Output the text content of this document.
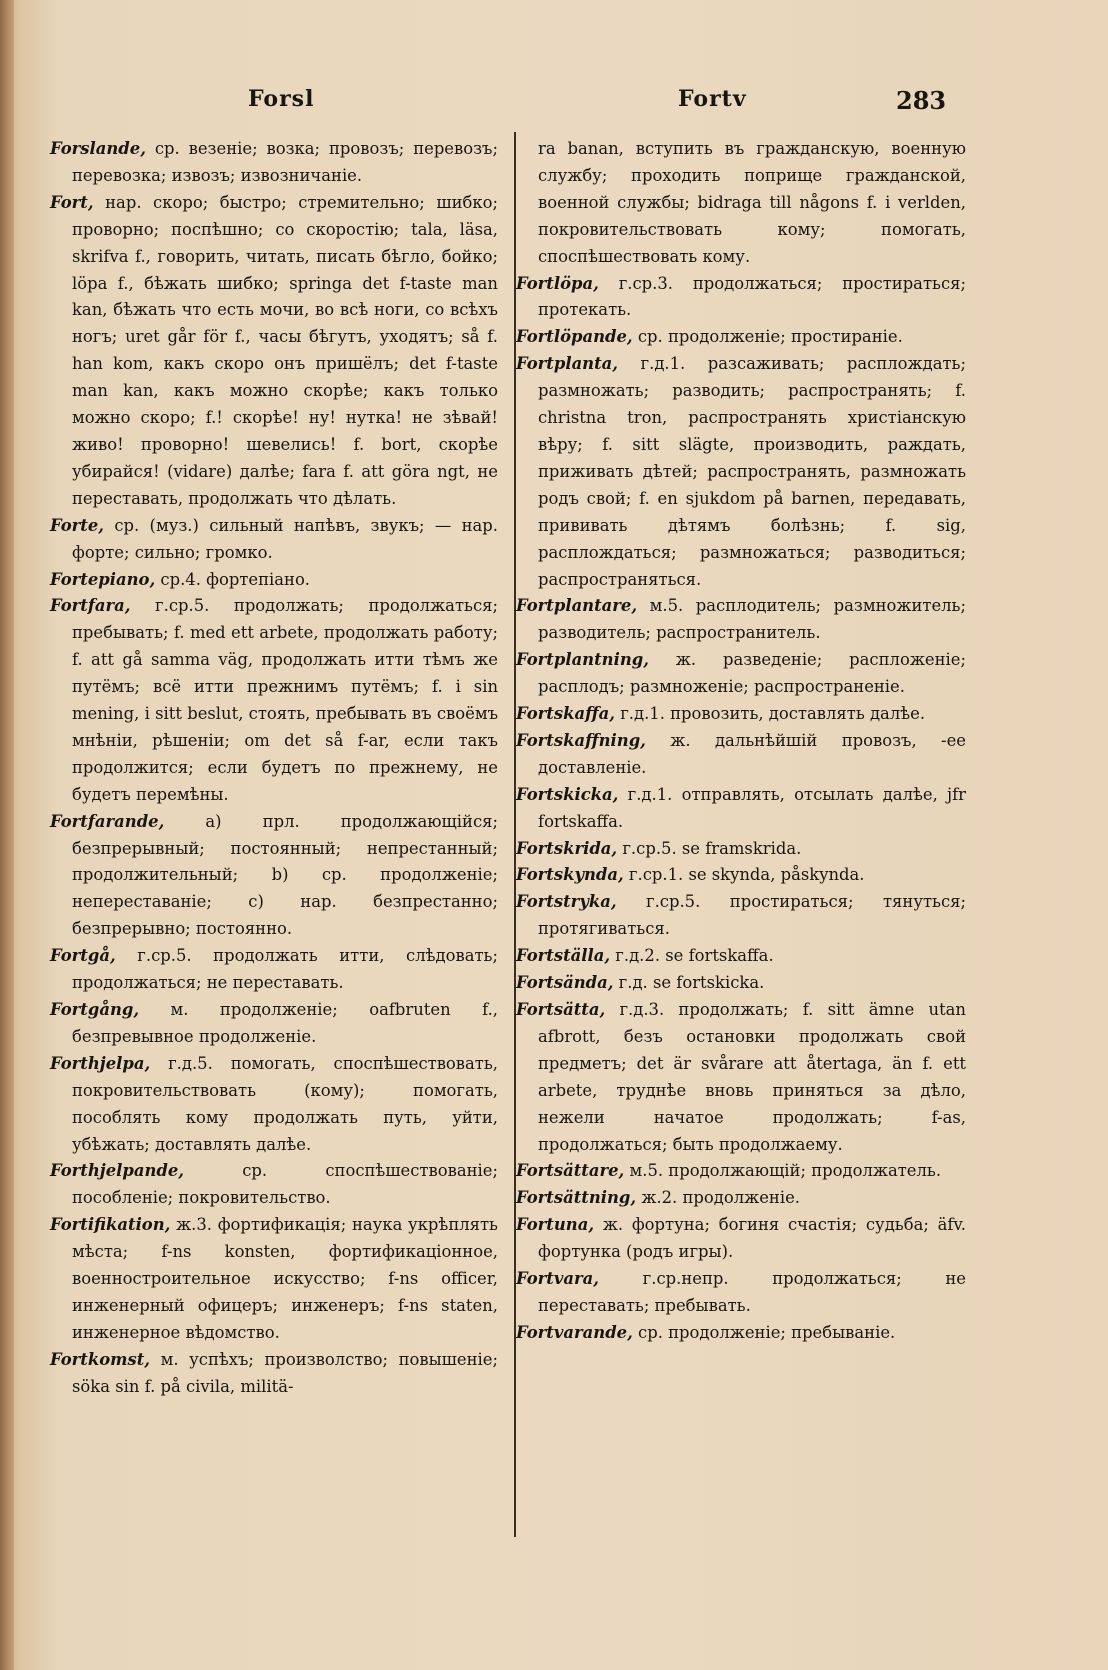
Forsl	Fortv	283

Forslande, ср. везеніе; возка; провозъ; перевозъ; перевозка; извозъ; извозничаніе.

Fort, нар. скоро; быстро; стремительно; шибко; проворно; поспѣшно; со скоростію; tala, läsa, skrifva f., говорить, читать, писать бѣгло, бойко; löpa f., бѣжать шибко; springa det f-taste man kan, бѣжать что есть мочи, во всѣ ноги, со всѣхъ ногъ; uret går för f., часы бѣгутъ, уходятъ; så f. han kom, какъ скоро онъ пришёлъ; det f-taste man kan, какъ можно скорѣе; какъ только можно скоро; f.! скорѣе! ну! нутка! не зѣвай! живо! проворно! шевелись! f. bort, скорѣе убирайся! (vidare) далѣе; fara f. att göra ngt, не переставать, продолжать что дѣлать.

Forte, ср. (муз.) сильный напѣвъ, звукъ; — нар. форте; сильно; громко.

Fortepiano, ср.4. фортепіано.

Fortfara, г.ср.5. продолжать; продолжаться; пребывать; f. med ett arbete, продолжать работу; f. att gå samma väg, продолжать итти тѣмъ же путёмъ; всё итти прежнимъ путёмъ; f. i sin mening, i sitt beslut, стоять, пребывать въ своёмъ мнѣніи, рѣшеніи; om det så f-ar, если такъ продолжится; если будетъ по прежнему, не будетъ перемѣны.

Fortfarande,	a) прл. продолжающійся; безпрерывный; постоянный; непрестанный; продолжительный; b) ср. продолженіе; непереставаніе; c) нар. безпрестанно; безпрерывно; постоянно.

Fortgå, г.ср.5. продолжать итти, слѣдовать; продолжаться; не переставать.

Fortgång, м. продолженіе; oafbruten f., безпревывное продолженіе.

Forthjelpa, г.д.5. помогать, споспѣшествовать, покровительствовать (кому); помогать, пособлять кому продолжать путь, уйти, убѣжать; доставлять далѣе.

Forthjelpande,	ср. споспѣшествованіе; пособленіе; покровительство.

Fortifikation, ж.3. фортификація; наука укрѣплять мѣста; f-ns konsten, фортификаціонное, военностроительное искусство; f-ns officer, инженерный офицеръ; инженеръ; f-ns staten, инженерное вѣдомство.

Fortkomst, м. успѣхъ; произволство; повышеніе; söka sin f. på civila, militä-

ra banan, вступить въ гражданскую, военную службу; проходить поприще гражданской, военной службы; bidraga till någons f. i verlden, покровительствовать кому; помогать, споспѣшествовать кому.

Fortlöpa, г.ср.3. продолжаться; простираться; протекать.

Fortlöpande, ср. продолженіе; простираніе.

Fortplanta, г.д.1. разсаживать; расплождать; размножать; разводить; распространять; f. christna tron, распространять христіанскую вѣру; f. sitt slägte, производить, раждать, приживать дѣтей; распространять, размножать родъ свой; f. en sjukdom på barnen, передавать, прививать дѣтямъ болѣзнь; f. sig, расплождаться; размножаться; разводиться; распространяться.

Fortplantare, м.5. расплодитель; размножитель; разводитель; распространитель.

Fortplantning, ж. разведеніе; распложеніе; расплодъ; размноженіе; распространеніе.

Fortskaffa, г.д.1. провозить, доставлять далѣе.

Fortskaffning, ж. дальнѣйшій провозъ, -ее доставленіе.

Fortskicka, г.д.1. отправлять, отсылать далѣе, jfr fortskaffa.

Fortskrida, г.ср.5. se framskrida.

Fortskynda, г.ср.1. se skynda, påskynda.

Fortstryka, г.ср.5. простираться; тянуться; протягиваться.

Fortställa, г.д.2. se fortskaffa.

Fortsända, г.д. se fortskicka.

Fortsätta, г.д.3. продолжать; f. sitt ämne utan afbrott, безъ остановки продолжать свой предметъ; det är svårare att återtaga, än f. ett arbete, труднѣе вновь приняться за дѣло, нежели начатое продолжать; f-as, продолжаться; быть продолжаему.

Fortsättare, м.5. продолжающій; продолжатель.

Fortsättning, ж.2. продолженіе.

Fortuna, ж. фортуна; богиня счастія; судьба; äfv. фортунка (родъ игры).

Fortvara,	г.ср.непр. продолжаться; не переставать; пребывать.

Fortvarande, ср. продолженіе; пребываніе.
